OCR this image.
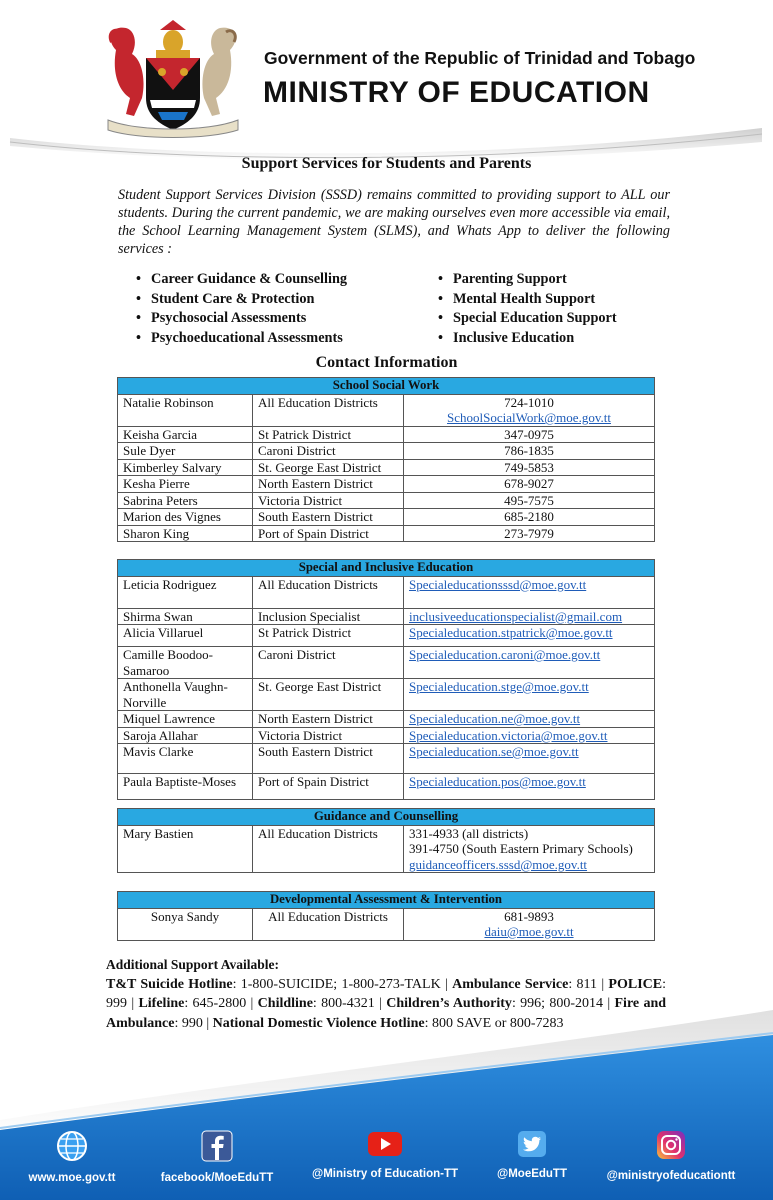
Government of the Republic of Trinidad and Tobago
MINISTRY OF EDUCATION
Support Services for Students and Parents
Student Support Services Division (SSSD) remains committed to providing support to ALL our students. During the current pandemic, we are making ourselves even more accessible via email, the School Learning Management System (SLMS), and Whats App to deliver the following services :
• Career Guidance & Counselling
• Student Care & Protection
• Psychosocial Assessments
• Psychoeducational Assessments
• Parenting Support
• Mental Health Support
• Special Education Support
• Inclusive Education
Contact Information
School Social Work		
Natalie Robinson	All Education Districts	724-1010
SchoolSocialWork@moe.gov.tt

Keisha Garcia	St Patrick District	347-0975
Sule Dyer	Caroni District	786-1835
Kimberley Salvary	St. George East District	749-5853
Kesha Pierre	North Eastern District	678-9027
Sabrina Peters	Victoria District	495-7575
Marion des Vignes	South Eastern District	685-2180
Sharon King	Port of Spain District	273-7979
Special and Inclusive Education		
Leticia Rodriguez	All Education Districts	Specialeducationsssd@moe.gov.tt
Shirma Swan	Inclusion Specialist	inclusiveeducationspecialist@gmail.com
Alicia Villaruel	St Patrick District	Specialeducation.stpatrick@moe.gov.tt
Camille Boodoo-Samaroo	Caroni District	Specialeducation.caroni@moe.gov.tt
Anthonella Vaughn-Norville	St. George East District	Specialeducation.stge@moe.gov.tt
Miquel Lawrence	North Eastern District	Specialeducation.ne@moe.gov.tt
Saroja Allahar	Victoria District	Specialeducation.victoria@moe.gov.tt
Mavis Clarke	South Eastern District	Specialeducation.se@moe.gov.tt
Paula Baptiste-Moses	Port of Spain District	Specialeducation.pos@moe.gov.tt
Guidance and Counselling
Mary Bastien	All Education Districts	331-4933 (all districts)
391-4750 (South Eastern Primary Schools)
guidanceofficers.sssd@moe.gov.tt
Developmental Assessment & Intervention
Sonya Sandy	All Education Districts	681-9893
daiu@moe.gov.tt
Additional Support Available:
T&T Suicide Hotline: 1-800-SUICIDE; 1-800-273-TALK | Ambulance Service: 811 | POLICE: 999 | Lifeline: 645-2800 | Childline: 800-4321 | Children’s Authority: 996; 800-2014 | Fire and Ambulance: 990 | National Domestic Violence Hotline: 800 SAVE or 800-7283
www.moe.gov.tt	facebook/MoeEduTT	@Ministry of Education-TT	@MoeEduTT	@ministryofeducationtt
